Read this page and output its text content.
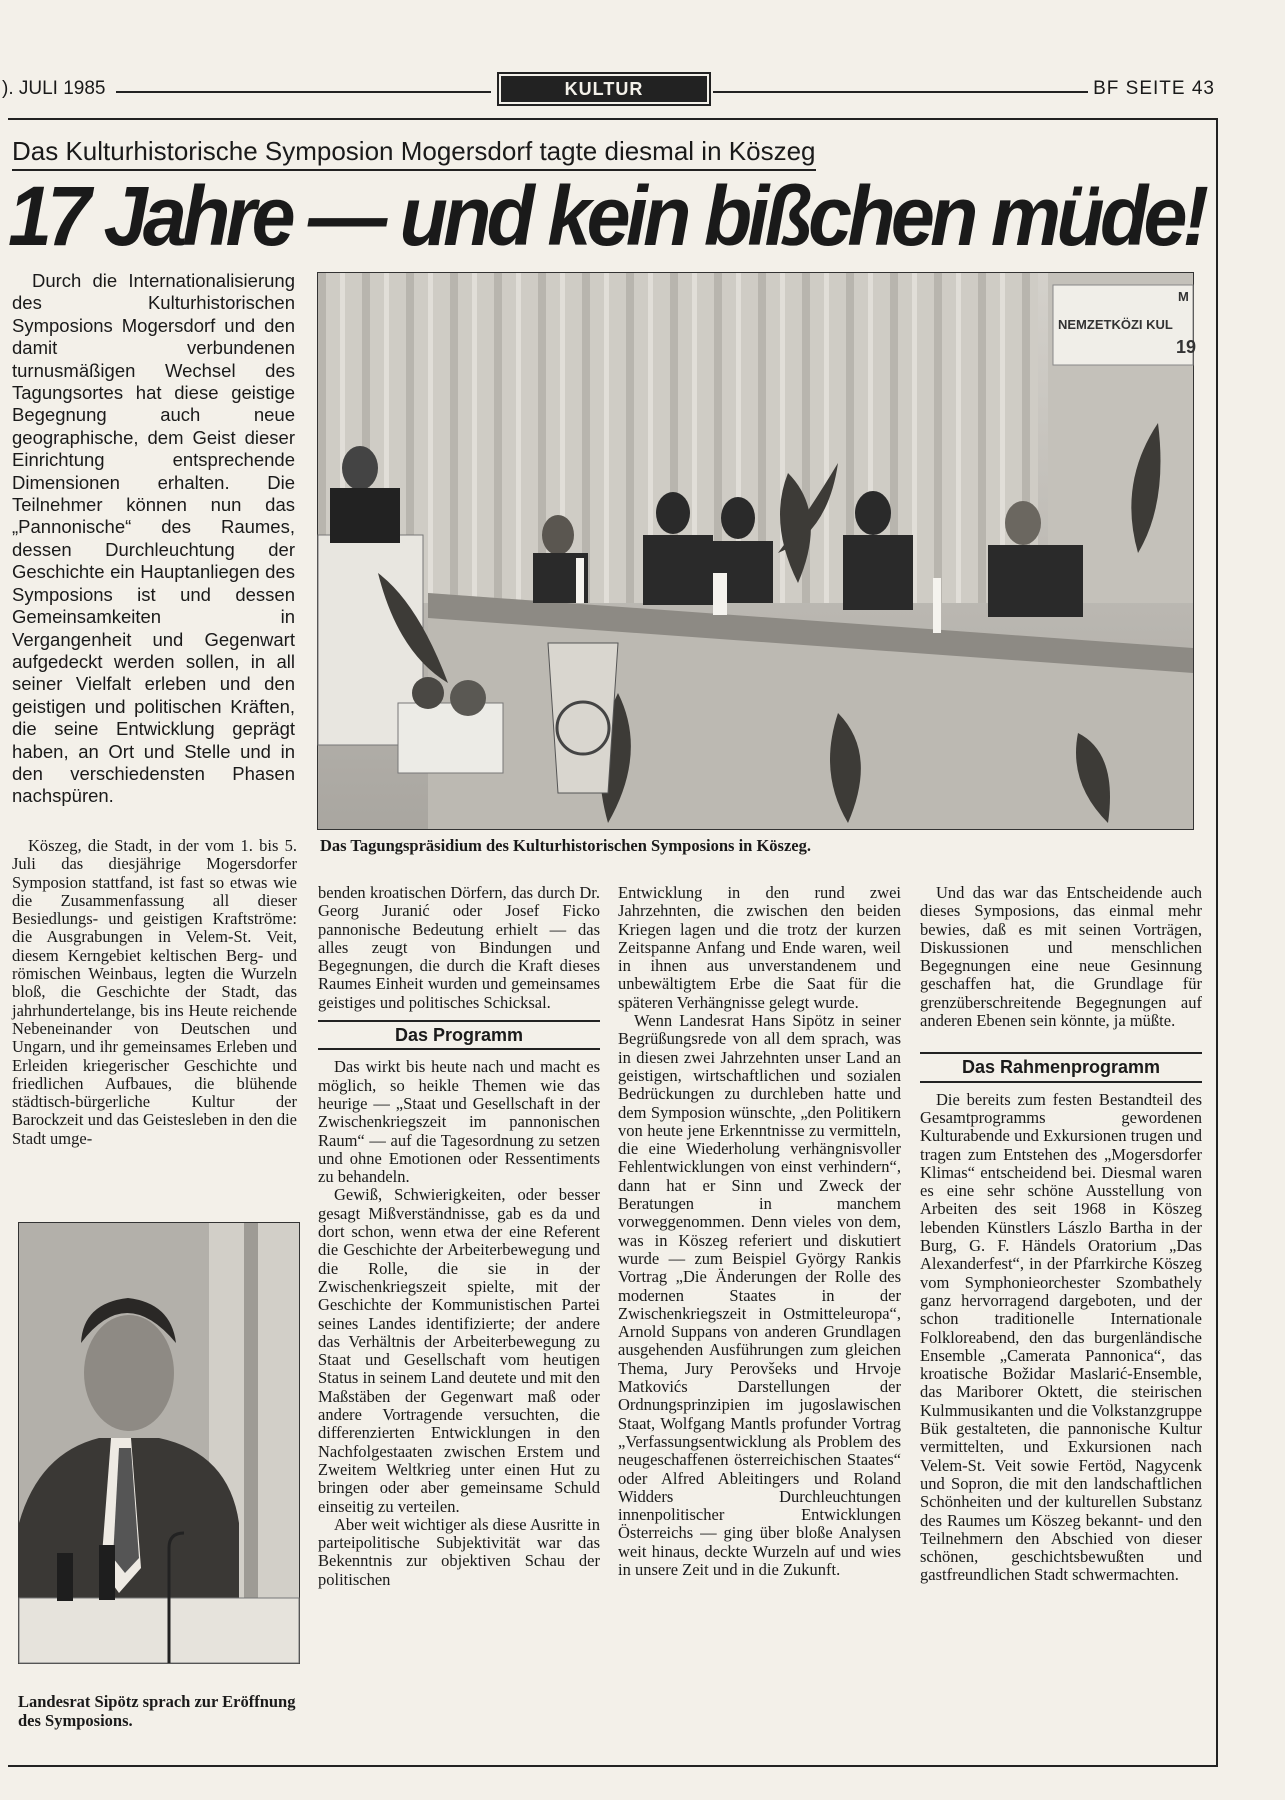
). JULI 1985	KULTUR	BF SEITE 43
Das Kulturhistorische Symposion Mogersdorf tagte diesmal in Köszeg
17 Jahre — und kein bißchen müde!

Durch die Internationalisierung des Kulturhistorischen Symposions Mogersdorf und den damit verbundenen turnusmäßigen Wechsel des Tagungsortes hat diese geistige Begegnung auch neue geographische, dem Geist dieser Einrichtung entsprechende Dimensionen erhalten. Die Teilnehmer können nun das „Pannonische“ des Raumes, dessen Durchleuchtung der Geschichte ein Hauptanliegen des Symposions ist und dessen Gemeinsamkeiten in Vergangenheit und Gegenwart aufgedeckt werden sollen, in all seiner Vielfalt erleben und den geistigen und politischen Kräften, die seine Entwicklung geprägt haben, an Ort und Stelle und in den verschiedensten Phasen nachspüren.

M
NEMZETKÖZI KUL
19
Das Tagungspräsidium des Kulturhistorischen Symposions in Köszeg.

Köszeg, die Stadt, in der vom 1. bis 5. Juli das diesjährige Mogersdorfer Symposion stattfand, ist fast so etwas wie die Zusammenfassung all dieser Besiedlungs- und geistigen Kraftströme: die Ausgrabungen in Velem-St. Veit, diesem Kerngebiet keltischen Berg- und römischen Weinbaus, legten die Wurzeln bloß, die Geschichte der Stadt, das jahrhundertelange, bis ins Heute reichende Nebeneinander von Deutschen und Ungarn, und ihr gemeinsames Erleben und Erleiden kriegerischer Geschichte und friedlichen Aufbaues, die blühende städtisch-bürgerliche Kultur der Barockzeit und das Geistesleben in den die Stadt umge-

Landesrat Sipötz sprach zur Eröffnung des Symposions.

benden kroatischen Dörfern, das durch Dr. Georg Juranić oder Josef Ficko pannonische Bedeutung erhielt — das alles zeugt von Bindungen und Begegnungen, die durch die Kraft dieses Raumes Einheit wurden und gemeinsames geistiges und politisches Schicksal.

Das Programm

Das wirkt bis heute nach und macht es möglich, so heikle Themen wie das heurige — „Staat und Gesellschaft in der Zwischenkriegszeit im pannonischen Raum“ — auf die Tagesordnung zu setzen und ohne Emotionen oder Ressentiments zu behandeln.

Gewiß, Schwierigkeiten, oder besser gesagt Mißverständnisse, gab es da und dort schon, wenn etwa der eine Referent die Geschichte der Arbeiterbewegung und die Rolle, die sie in der Zwischenkriegszeit spielte, mit der Geschichte der Kommunistischen Partei seines Landes identifizierte; der andere das Verhältnis der Arbeiterbewegung zu Staat und Gesellschaft vom heutigen Status in seinem Land deutete und mit den Maßstäben der Gegenwart maß oder andere Vortragende versuchten, die differenzierten Entwicklungen in den Nachfolgestaaten zwischen Erstem und Zweitem Weltkrieg unter einen Hut zu bringen oder aber gemeinsame Schuld einseitig zu verteilen.

Aber weit wichtiger als diese Ausritte in parteipolitische Subjektivität war das Bekenntnis zur objektiven Schau der politischen

Entwicklung in den rund zwei Jahrzehnten, die zwischen den beiden Kriegen lagen und die trotz der kurzen Zeitspanne Anfang und Ende waren, weil in ihnen aus unverstandenem und unbewältigtem Erbe die Saat für die späteren Verhängnisse gelegt wurde.

Wenn Landesrat Hans Sipötz in seiner Begrüßungsrede von all dem sprach, was in diesen zwei Jahrzehnten unser Land an geistigen, wirtschaftlichen und sozialen Bedrückungen zu durchleben hatte und dem Symposion wünschte, „den Politikern von heute jene Erkenntnisse zu vermitteln, die eine Wiederholung verhängnisvoller Fehlentwicklungen von einst verhindern“, dann hat er Sinn und Zweck der Beratungen in manchem vorweggenommen. Denn vieles von dem, was in Köszeg referiert und diskutiert wurde — zum Beispiel György Rankis Vortrag „Die Änderungen der Rolle des modernen Staates in der Zwischenkriegszeit in Ostmitteleuropa“, Arnold Suppans von anderen Grundlagen ausgehenden Ausführungen zum gleichen Thema, Jury Perovšeks und Hrvoje Matkovićs Darstellungen der Ordnungsprinzipien im jugoslawischen Staat, Wolfgang Mantls profunder Vortrag „Verfassungsentwicklung als Problem des neugeschaffenen österreichischen Staates“ oder Alfred Ableitingers und Roland Widders Durchleuchtungen innenpolitischer Entwicklungen Österreichs — ging über bloße Analysen weit hinaus, deckte Wurzeln auf und wies in unsere Zeit und in die Zukunft.

Und das war das Entscheidende auch dieses Symposions, das einmal mehr bewies, daß es mit seinen Vorträgen, Diskussionen und menschlichen Begegnungen eine neue Gesinnung geschaffen hat, die Grundlage für grenzüberschreitende Begegnungen auf anderen Ebenen sein könnte, ja müßte.

Das Rahmenprogramm

Die bereits zum festen Bestandteil des Gesamtprogramms gewordenen Kulturabende und Exkursionen trugen und tragen zum Entstehen des „Mogersdorfer Klimas“ entscheidend bei. Diesmal waren es eine sehr schöne Ausstellung von Arbeiten des seit 1968 in Köszeg lebenden Künstlers Lászlo Bartha in der Burg, G. F. Händels Oratorium „Das Alexanderfest“, in der Pfarrkirche Köszeg vom Symphonieorchester Szombathely ganz hervorragend dargeboten, und der schon traditionelle Internationale Folkloreabend, den das burgenländische Ensemble „Camerata Pannonica“, das kroatische Božidar Maslarić-Ensemble, das Mariborer Oktett, die steirischen Kulmmusikanten und die Volkstanzgruppe Bük gestalteten, die pannonische Kultur vermittelten, und Exkursionen nach Velem-St. Veit sowie Fertöd, Nagycenk und Sopron, die mit den landschaftlichen Schönheiten und der kulturellen Substanz des Raumes um Köszeg bekannt- und den Teilnehmern den Abschied von dieser schönen, geschichtsbewußten und gastfreundlichen Stadt schwermachten.
